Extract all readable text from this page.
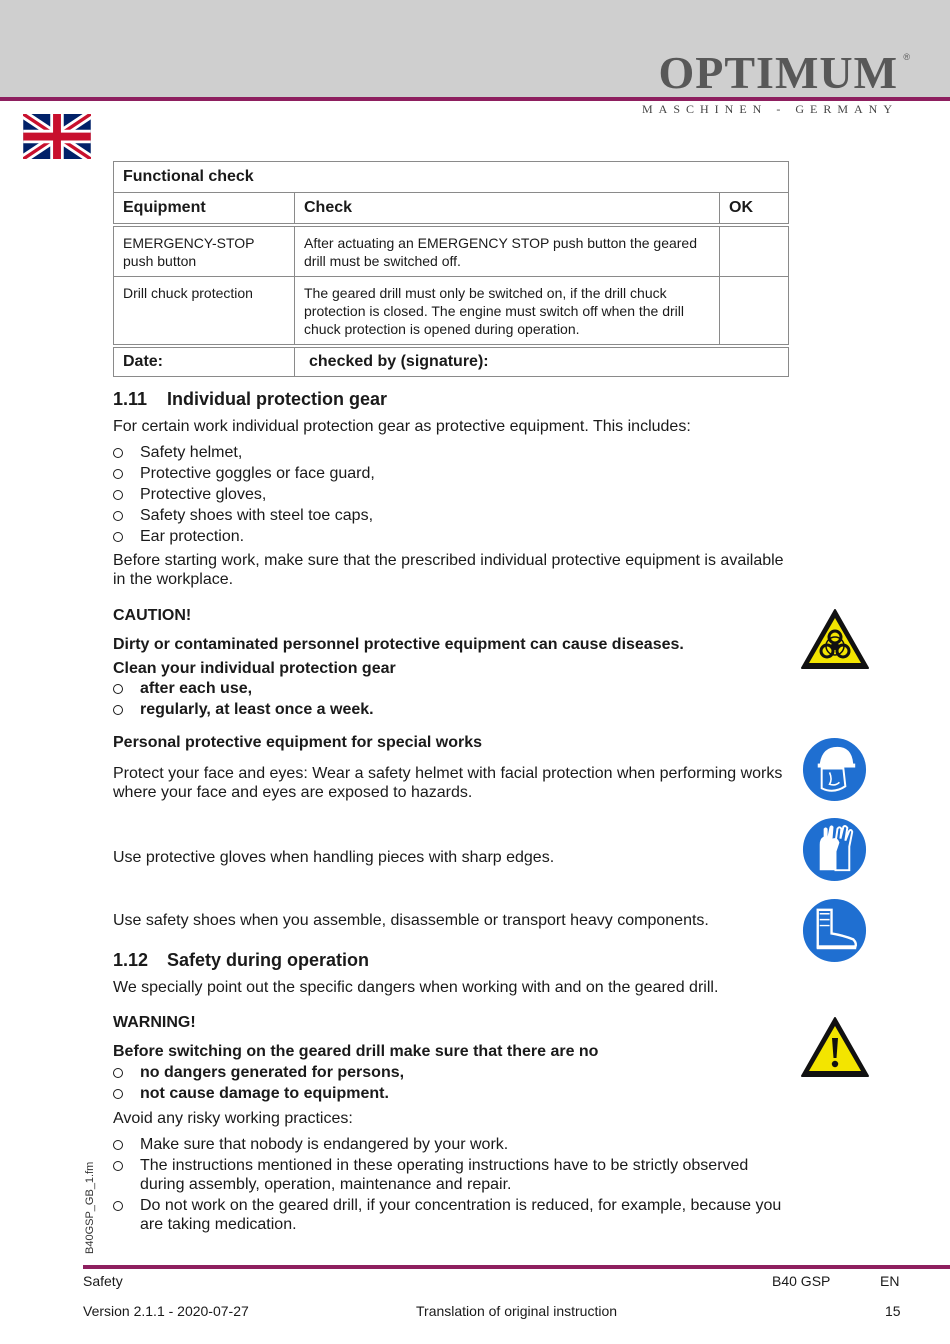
OPTIMUM ®
MASCHINEN - GERMANY
Functional check		
Equipment	Check	OK
EMERGENCY-STOP push button	After actuating an EMERGENCY STOP push button the geared drill must be switched off.	
Drill chuck protection	The geared drill must only be switched on, if the drill chuck protection is closed. The engine must switch off when the drill chuck protection is opened during operation.	
Date:	checked by (signature):	
1.11 Individual protection gear
For certain work individual protection gear as protective equipment. This includes:
Safety helmet,
Protective goggles or face guard,
Protective gloves,
Safety shoes with steel toe caps,
Ear protection.
Before starting work, make sure that the prescribed individual protective equipment is available in the workplace.
CAUTION!
Dirty or contaminated personnel protective equipment can cause diseases.
Clean your individual protection gear
after each use,
regularly, at least once a week.
Personal protective equipment for special works
Protect your face and eyes: Wear a safety helmet with facial protection when performing works where your face and eyes are exposed to hazards.
Use protective gloves when handling pieces with sharp edges.
Use safety shoes when you assemble, disassemble or transport heavy components.
1.12 Safety during operation
We specially point out the specific dangers when working with and on the geared drill.
WARNING!
Before switching on the geared drill make sure that there are no
no dangers generated for persons,
not cause damage to equipment.
Avoid any risky working practices:
Make sure that nobody is endangered by your work.
The instructions mentioned in these operating instructions have to be strictly observed during assembly, operation, maintenance and repair.
Do not work on the geared drill, if your concentration is reduced, for example, because you are taking medication.
B40GSP_GB_1.fm
Safety	B40 GSP	EN
Version 2.1.1 - 2020-07-27	Translation of original instruction	15
